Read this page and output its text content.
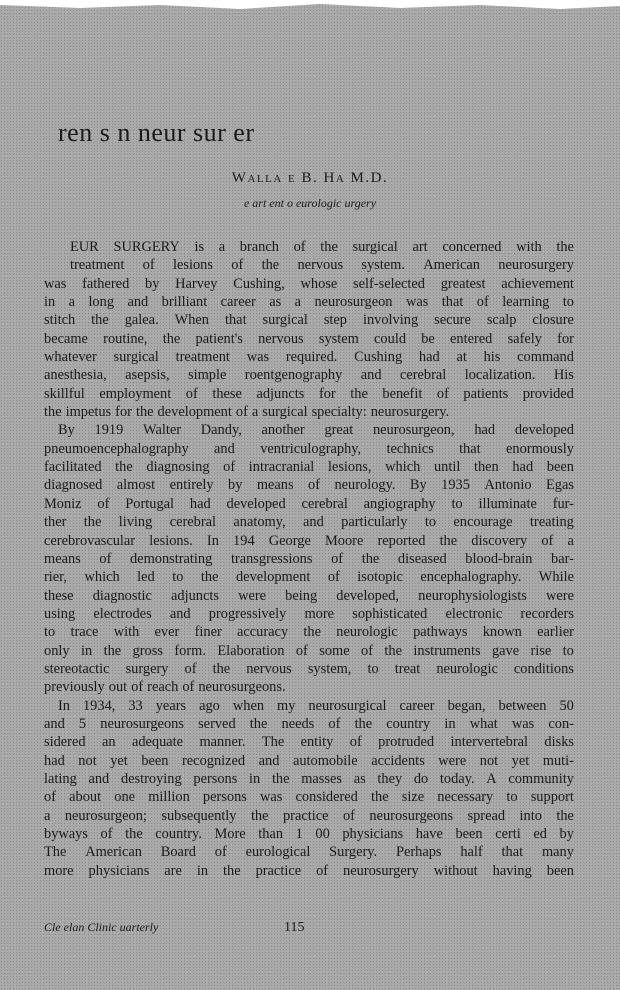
ren s n neur sur er

Walla e B. Ha M.D.

e art ent o eurologic urgery

EUR SURGERY is a branch of the surgical art concerned with the
treatment of lesions of the nervous system. American neurosurgery
was fathered by Harvey Cushing, whose self-selected greatest achievement
in a long and brilliant career as a neurosurgeon was that of learning to
stitch the galea. When that surgical step involving secure scalp closure
became routine, the patient's nervous system could be entered safely for
whatever surgical treatment was required. Cushing had at his command
anesthesia, asepsis, simple roentgenography and cerebral localization. His
skillful employment of these adjuncts for the benefit of patients provided
the impetus for the development of a surgical specialty: neurosurgery.
By 1919 Walter Dandy, another great neurosurgeon, had developed
pneumoencephalography and ventriculography, technics that enormously
facilitated the diagnosing of intracranial lesions, which until then had been
diagnosed almost entirely by means of neurology. By 1935 Antonio Egas
Moniz of Portugal had developed cerebral angiography to illuminate fur-
ther the living cerebral anatomy, and particularly to encourage treating
cerebrovascular lesions. In 194 George Moore reported the discovery of a
means of demonstrating transgressions of the diseased blood-brain bar-
rier, which led to the development of isotopic encephalography. While
these diagnostic adjuncts were being developed, neurophysiologists were
using electrodes and progressively more sophisticated electronic recorders
to trace with ever finer accuracy the neurologic pathways known earlier
only in the gross form. Elaboration of some of the instruments gave rise to
stereotactic surgery of the nervous system, to treat neurologic conditions
previously out of reach of neurosurgeons.
In 1934, 33 years ago when my neurosurgical career began, between 50
and 5 neurosurgeons served the needs of the country in what was con-
sidered an adequate manner. The entity of protruded intervertebral disks
had not yet been recognized and automobile accidents were not yet muti-
lating and destroying persons in the masses as they do today. A community
of about one million persons was considered the size necessary to support
a neurosurgeon; subsequently the practice of neurosurgeons spread into the
byways of the country. More than 1 00 physicians have been certi ed by
The American Board of eurological Surgery. Perhaps half that many
more physicians are in the practice of neurosurgery without having been
Cle elan Clinic uarterly	115
